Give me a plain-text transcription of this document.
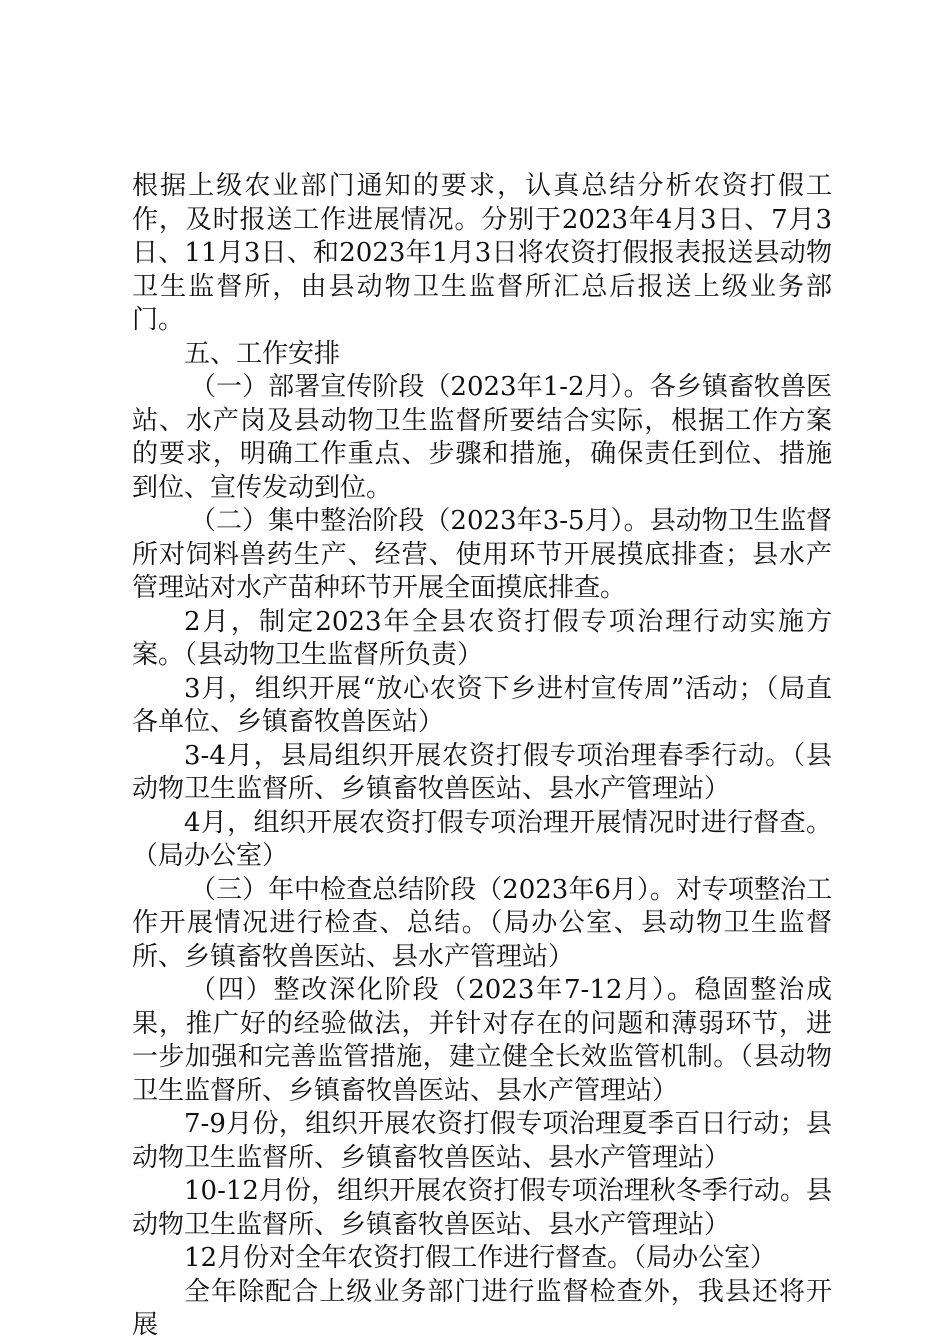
根据上级农业部门通知的要求，认真总结分析农资打假工作，及时报送工作进展情况。分别于2023年4月3日、7月3日、11月3日、和2023年1月3日将农资打假报表报送县动物卫生监督所，由县动物卫生监督所汇总后报送上级业务部门。

五、工作安排

（一）部署宣传阶段（2023年1-2月）。各乡镇畜牧兽医站、水产岗及县动物卫生监督所要结合实际，根据工作方案的要求，明确工作重点、步骤和措施，确保责任到位、措施到位、宣传发动到位。

（二）集中整治阶段（2023年3-5月）。县动物卫生监督所对饲料兽药生产、经营、使用环节开展摸底排查；县水产管理站对水产苗种环节开展全面摸底排查。

2月，制定2023年全县农资打假专项治理行动实施方案。（县动物卫生监督所负责）

3月，组织开展“放心农资下乡进村宣传周”活动；（局直各单位、乡镇畜牧兽医站）

3-4月，县局组织开展农资打假专项治理春季行动。（县动物卫生监督所、乡镇畜牧兽医站、县水产管理站）

4月，组织开展农资打假专项治理开展情况时进行督查。（局办公室）

（三）年中检查总结阶段（2023年6月）。对专项整治工作开展情况进行检查、总结。（局办公室、县动物卫生监督所、乡镇畜牧兽医站、县水产管理站）

（四）整改深化阶段（2023年7-12月）。稳固整治成果，推广好的经验做法，并针对存在的问题和薄弱环节，进一步加强和完善监管措施，建立健全长效监管机制。（县动物卫生监督所、乡镇畜牧兽医站、县水产管理站）

7-9月份，组织开展农资打假专项治理夏季百日行动；县动物卫生监督所、乡镇畜牧兽医站、县水产管理站）

10-12月份，组织开展农资打假专项治理秋冬季行动。县动物卫生监督所、乡镇畜牧兽医站、县水产管理站）

12月份对全年农资打假工作进行督查。（局办公室）

全年除配合上级业务部门进行监督检查外，我县还将开展
